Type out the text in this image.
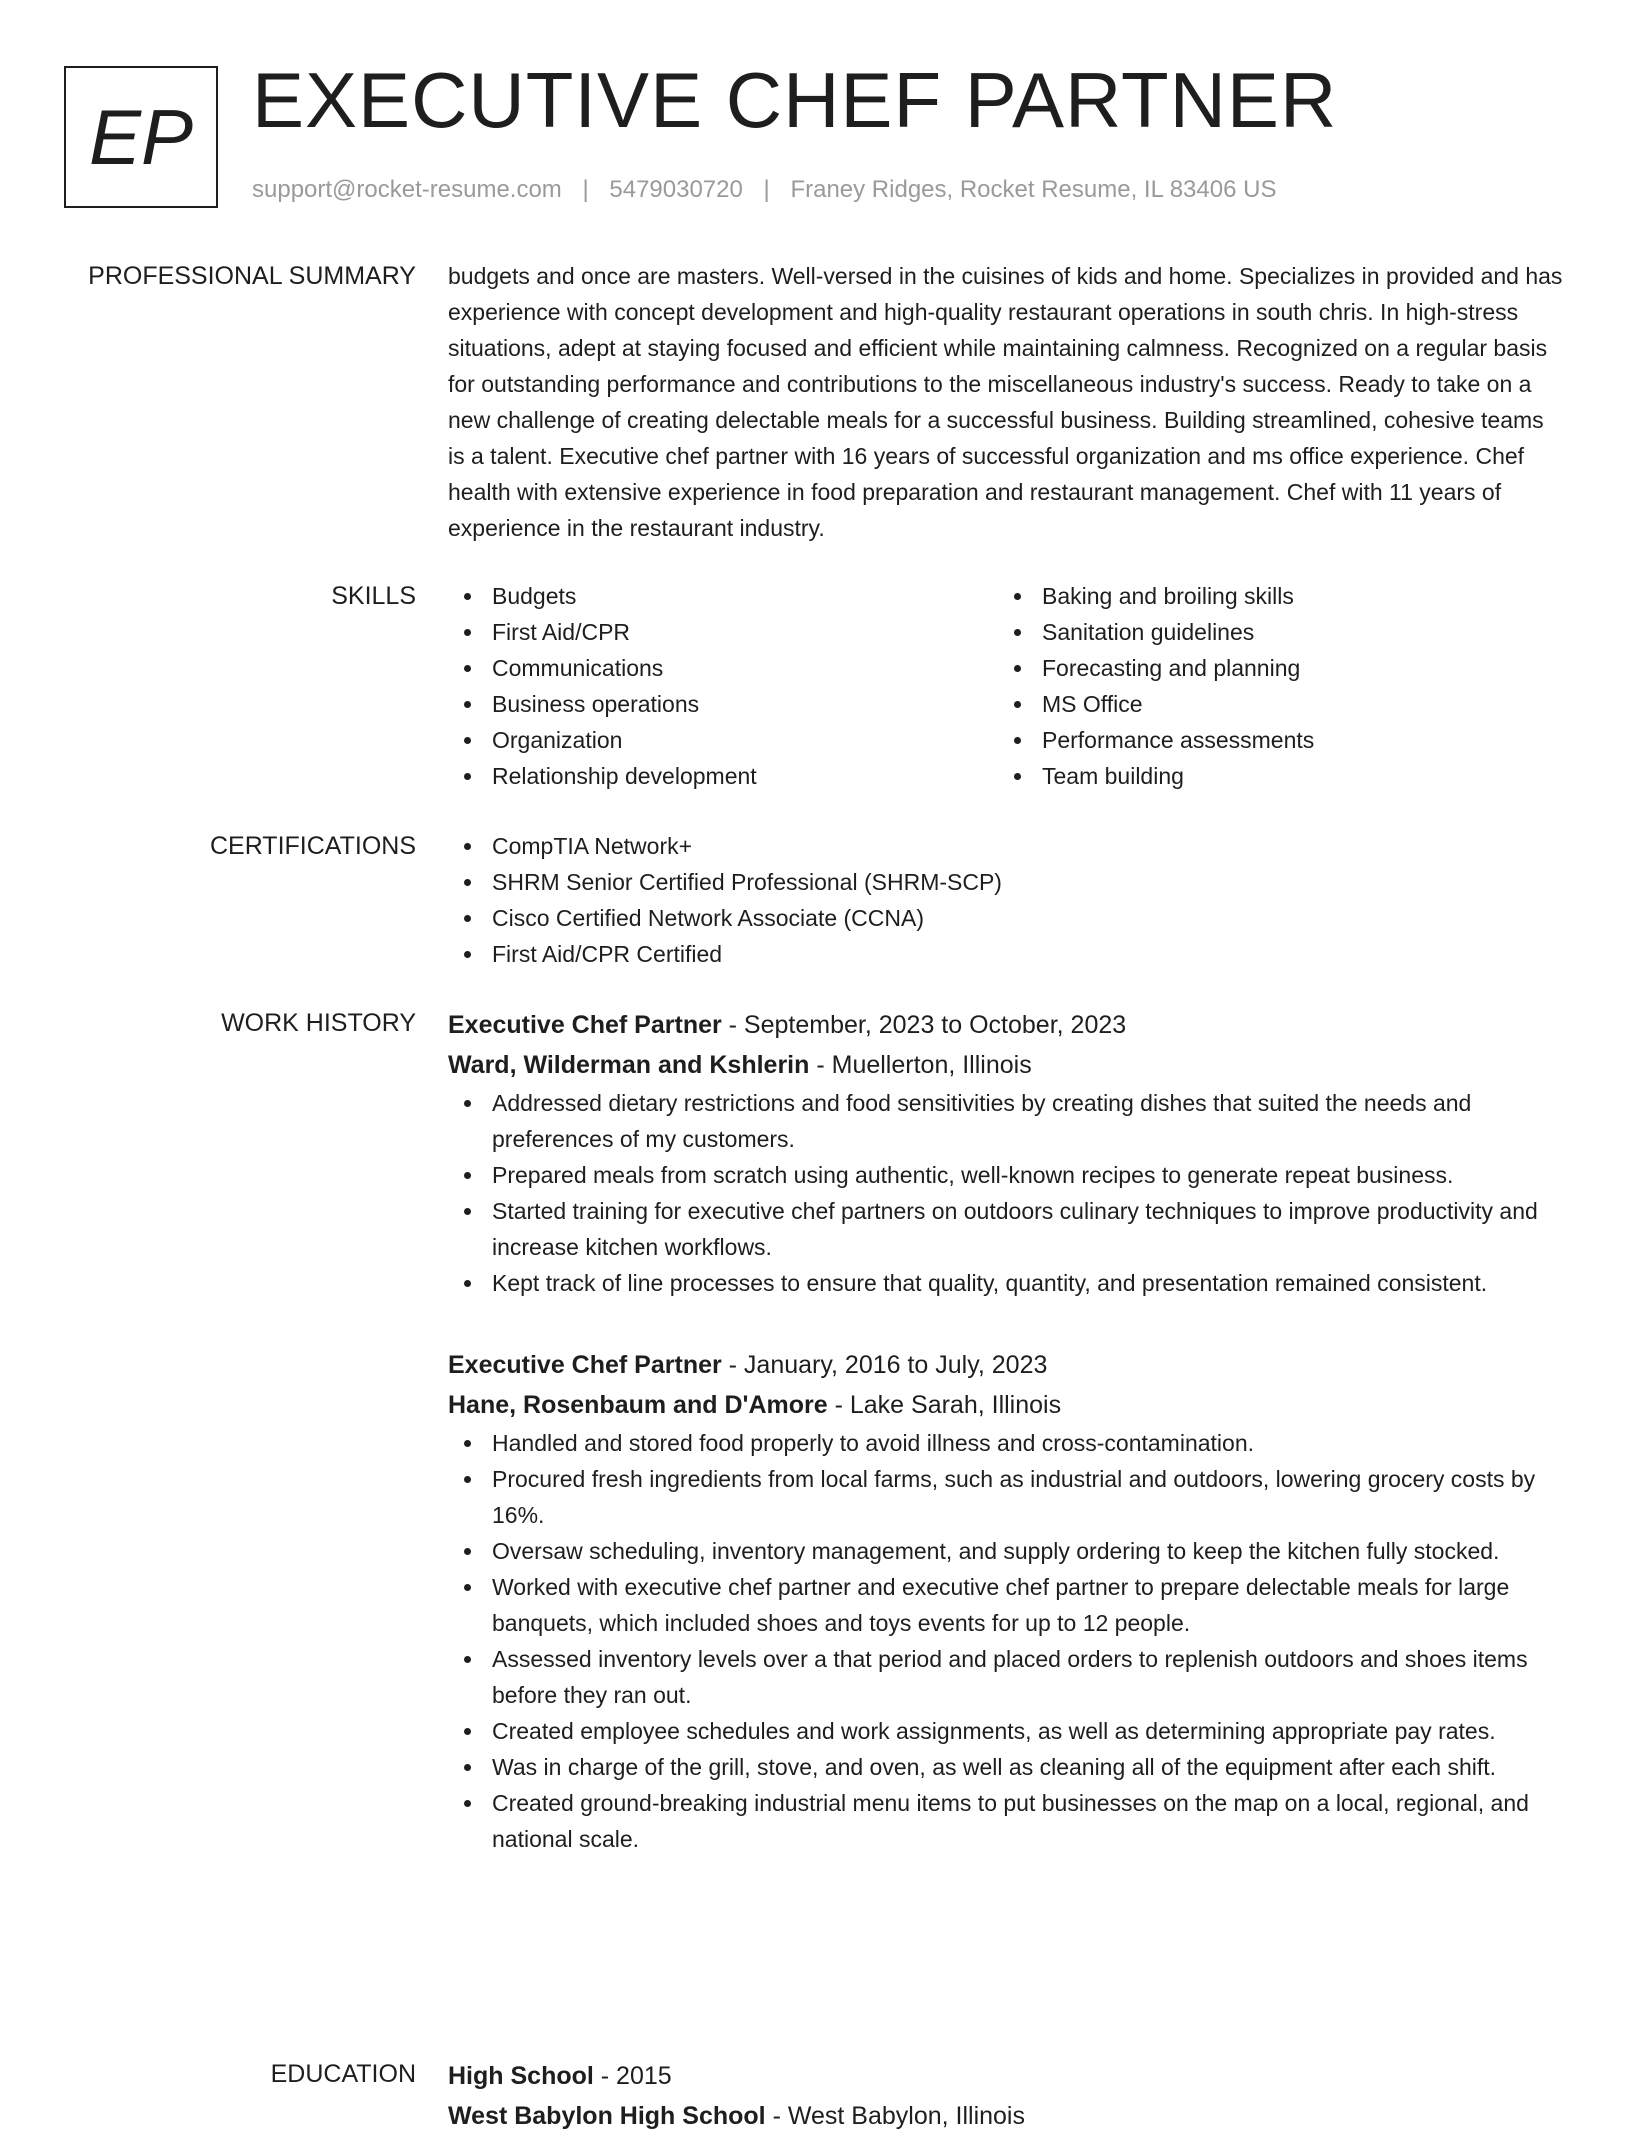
EP EXECUTIVE CHEF PARTNER
support@rocket-resume.com | 5479030720 | Franey Ridges, Rocket Resume, IL 83406 US
PROFESSIONAL SUMMARY budgets and once are masters. Well-versed in the cuisines of kids and home. Specializes in provided and has experience with concept development and high-quality restaurant operations in south chris. In high-stress situations, adept at staying focused and efficient while maintaining calmness. Recognized on a regular basis for outstanding performance and contributions to the miscellaneous industry's success. Ready to take on a new challenge of creating delectable meals for a successful business. Building streamlined, cohesive teams is a talent. Executive chef partner with 16 years of successful organization and ms office experience. Chef health with extensive experience in food preparation and restaurant management. Chef with 11 years of experience in the restaurant industry.

SKILLS	Budgets
First Aid/CPR
Communications
Business operations
Organization
Relationship development
Baking and broiling skills
Sanitation guidelines
Forecasting and planning
MS Office
Performance assessments
Team building
CERTIFICATIONS	CompTIA Network+
SHRM Senior Certified Professional (SHRM-SCP)
Cisco Certified Network Associate (CCNA)
First Aid/CPR Certified
WORK HISTORY Executive Chef Partner - September, 2023 to October, 2023
Ward, Wilderman and Kshlerin - Muellerton, Illinois
Addressed dietary restrictions and food sensitivities by creating dishes that suited the needs and preferences of my customers.
Prepared meals from scratch using authentic, well-known recipes to generate repeat business.
Started training for executive chef partners on outdoors culinary techniques to improve productivity and increase kitchen workflows.
Kept track of line processes to ensure that quality, quantity, and presentation remained consistent.
Executive Chef Partner - January, 2016 to July, 2023
Hane, Rosenbaum and D'Amore - Lake Sarah, Illinois
Handled and stored food properly to avoid illness and cross-contamination.
Procured fresh ingredients from local farms, such as industrial and outdoors, lowering grocery costs by 16%.
Oversaw scheduling, inventory management, and supply ordering to keep the kitchen fully stocked.
Worked with executive chef partner and executive chef partner to prepare delectable meals for large banquets, which included shoes and toys events for up to 12 people.
Assessed inventory levels over a that period and placed orders to replenish outdoors and shoes items before they ran out.
Created employee schedules and work assignments, as well as determining appropriate pay rates.
Was in charge of the grill, stove, and oven, as well as cleaning all of the equipment after each shift.
Created ground-breaking industrial menu items to put businesses on the map on a local, regional, and national scale.
EDUCATION High School - 2015
West Babylon High School - West Babylon, Illinois
